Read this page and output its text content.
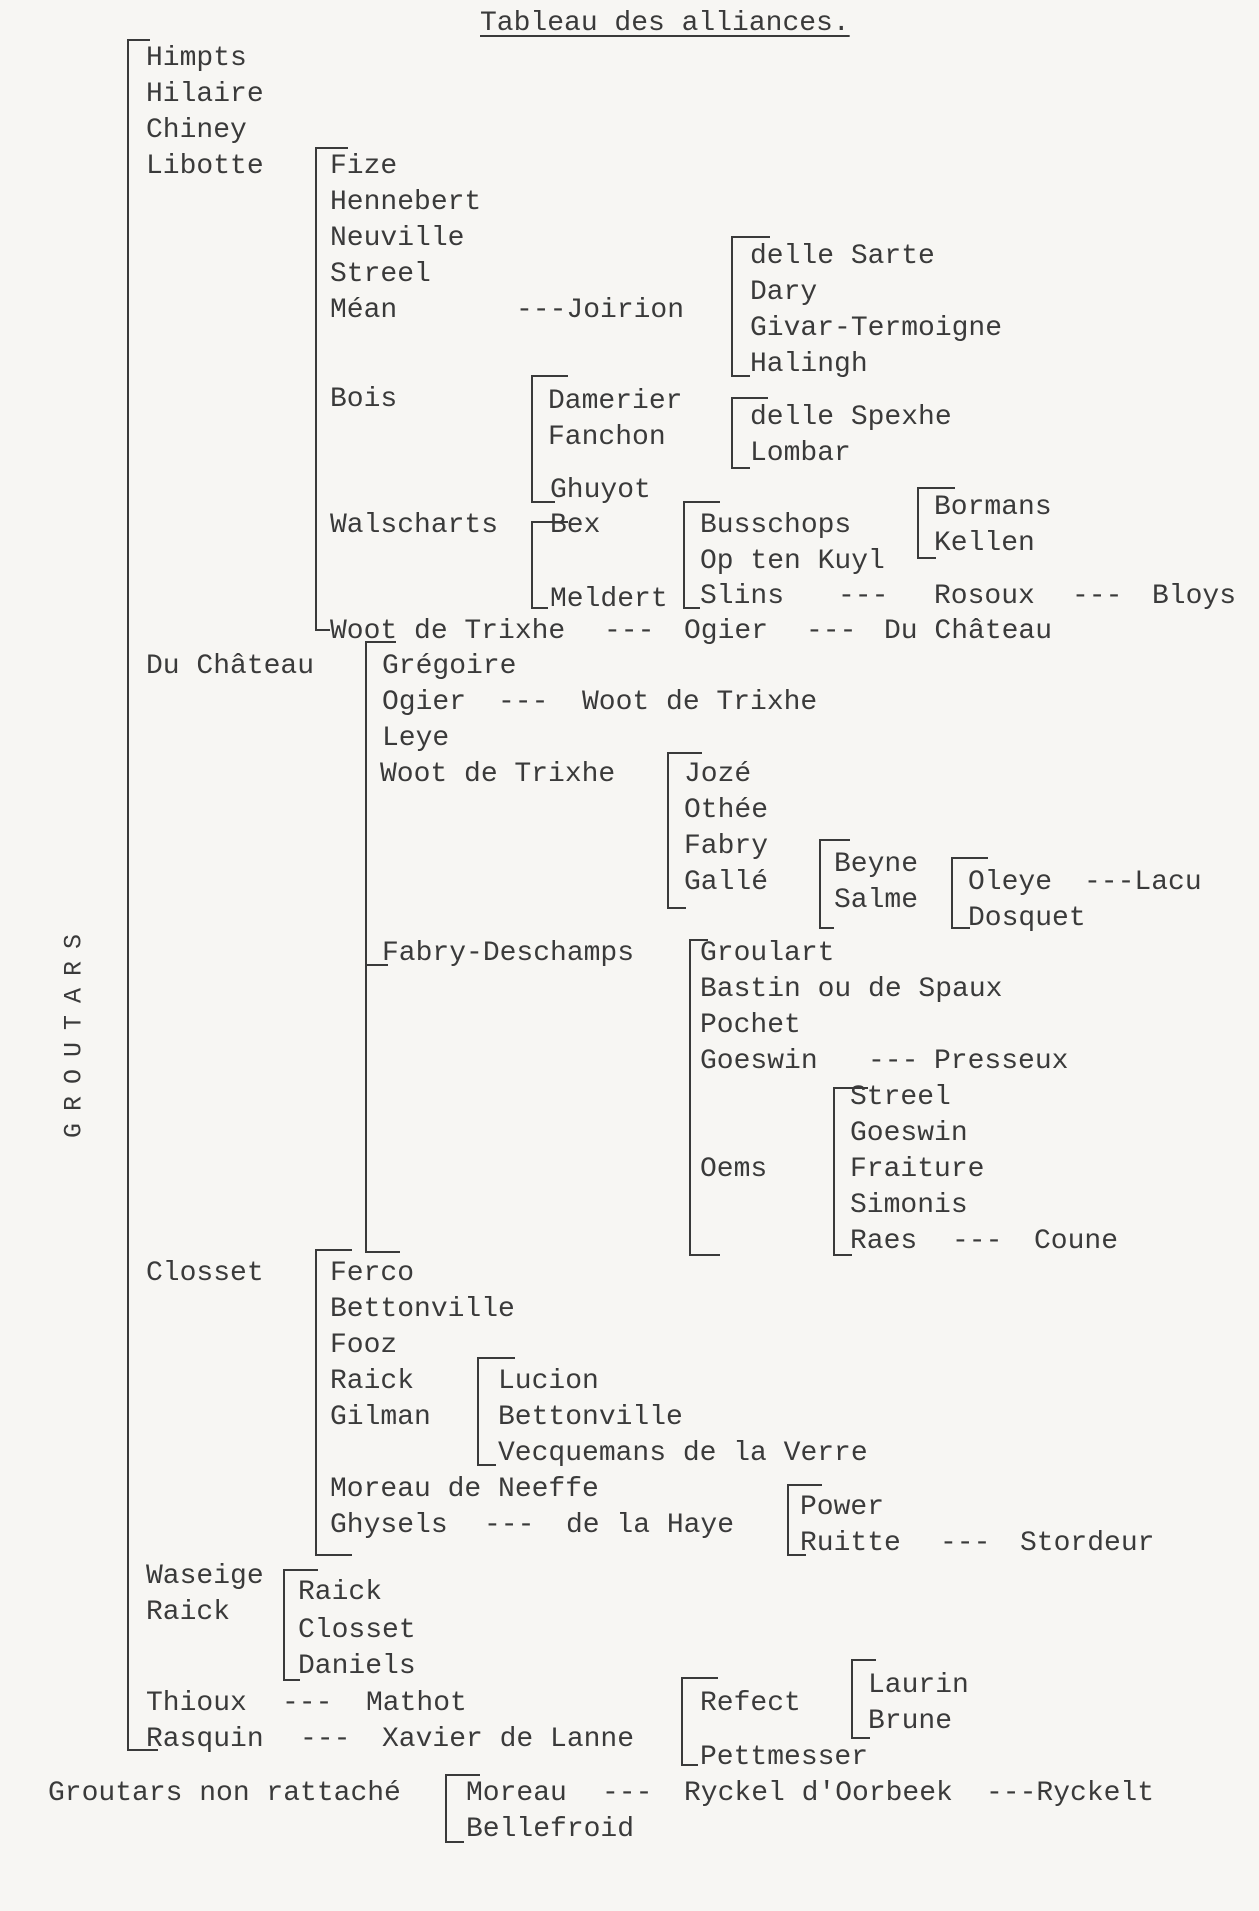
Tableau des alliances.
GROUTARS
Himpts
Hilaire
Chiney
Libotte Fize
Hennebert
Neuville
Streel
Méan	---Joirion
delle Sarte
Dary
Givar-Termoigne
Halingh
Bois	Damerier
Fanchon
delle Spexhe
Lombar
Ghuyot
Walscharts Bex	Busschops
Op ten Kuyl
Bormans
Kellen
Meldert Slins --- Rosoux --- Bloys
Woot de Trixhe --- Ogier --- Du Château
Du Château Grégoire
Ogier --- Woot de Trixhe
Leye
Woot de Trixhe Jozé
Othée
Fabry
Gallé
Beyne
Salme
Oleye ---Lacu
Dosquet
Fabry-Deschamps Groulart
Bastin ou de Spaux
Pochet
Goeswin --- Presseux
Streel
Goeswin
Oems	Fraiture
Simonis
Raes --- Coune
Closset Ferco
Bettonville
Fooz
Raick
Gilman
Lucion
Bettonville
Vecquemans de la Verre
Moreau de Neeffe
Ghysels --- de la Haye
Power
Ruitte --- Stordeur
Waseige
Raick
Raick
Closset
Daniels
Thioux --- Mathot
Rasquin --- Xavier de Lanne
Refect
Laurin
Brune
Pettmesser
Groutars non rattaché Moreau --- Ryckel d'Oorbeek ---Ryckelt
Bellefroid
